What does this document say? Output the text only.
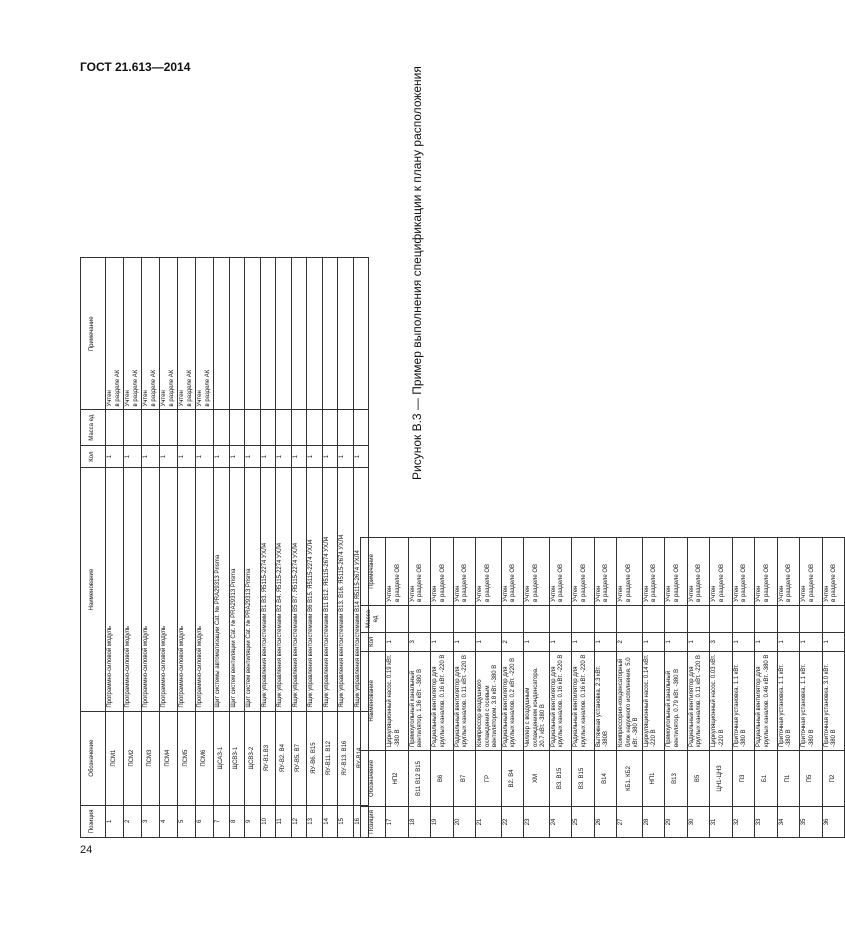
ГОСТ 21.613—2014
24
Рисунок В.3 — Пример выполнения спецификации к плану расположения
Позиция	Обозначение	Наименование	Кол	Масса ед	Примечание
1	ПСМ1	Программно-силовой модуль	1		Учтен в разделе АК

2	ПСМ2	Программно-силовой модуль	1		Учтен в разделе АК

3	ПСМ3	Программно-силовой модуль	1		Учтен в разделе АК

4	ПСМ4	Программно-силовой модуль	1		Учтен в разделе АК

5	ПСМ5	Программно-силовой модуль	1		Учтен в разделе АК

6	ПСМ6	Программно-силовой модуль	1		Учтен в разделе АК

7	ЩСАЗ-1	Щит системы автоматизации Cat. № PRA29313 Prisma	1		
8	ЩСВЗ-1	Щит систем вентиляции Cat. № PRA29313 Prisma	1		
9	ЩСВЗ-2	Щит систем вентиляции Cat. № PRA29313 Prisma	1		
10	ЯУ-В1.В3	Ящик управления вентсистемами В1 В3. Я5115-2274 УХЛ4	1		
11	ЯУ-В2. В4	Ящик управления вентсистемами В2 В4. Я5115-2274 УХЛ4	1		
12	ЯУ-В5. В7	Ящик управления вентсистемами В5 В7. Я5115-2274 УХЛ4	1		
13	ЯУ-В6. В15	Ящик управления вентсистемами В6 В15. Я5115-2274 УХЛ4	1		
14	ЯУ-В11. В12	Ящик управления вентсистемами В11 В12. Я5115-2674 УХЛ4	1		
15	ЯУ-В13. В16	Ящик управления вентсистемами В13. В16. Я5115-2674 УХЛ4	1		
16	ЯУ-В14	Ящик управления вентсистемами В14 Я5115-2674 УХЛ4	1		
Позиция	Обозначение	Наименование	Кол	Масса ед	Примечание
17	НП2	Циркуляционный насос. 0.19 кВт. -380 В	1		Учтен в разделе ОВ

18	В11 В12 В15	Прямоугольный канальный вентилятор. 1.36 кВт. -380 В	3		Учтен в разделе ОВ

19	В6	Радиальный вентилятор для круглых каналов. 0.16 кВт. -220 В	1		Учтен в разделе ОВ

20	В7	Радиальный вентилятор для круглых каналов. 0.11 кВт. -220 В	1		Учтен в разделе ОВ

21	ГР	Компрессор воздушного охлаждения с осевым вентилятором. 3.8 кВт. -380 В	1		Учтен в разделе ОВ

22	В2. В4	Радиальный вентилятор для круглых каналов. 0.2 кВт. -220 В	2		Учтен в разделе ОВ

23	ХМ	Чиллер с воздушным охлаждением конденсатора. 20.7 кВт. -380 В	1		Учтен в разделе ОВ

24	В3. В15	Радиальный вентилятор для круглых каналов. 0.16 кВт. -220 В	1		Учтен в разделе ОВ

25	В3. В15	Радиальный вентилятор для круглых каналов. 0.16 кВт. -220 В	1		Учтен в разделе ОВ

26	В14	Вытяжная установка. 2.3 кВт. -380В	1		Учтен в разделе ОВ

27	КБ1. КБ2	Компрессорно-конденсаторный блок наружного исполнения. 5.0 кВт. -380 В	2		Учтен в разделе ОВ

28	НП1	Циркуляционный насос. 0.14 кВт. -220 В	1		Учтен в разделе ОВ

29	В13	Прямоугольный канальный вентилятор. 0.79 кВт. -380 В	1		Учтен в разделе ОВ

30	В5	Радиальный вентилятор для круглых каналов. 0.11 кВт. -220 В	1		Учтен в разделе ОВ

31	ЦН1-ЦН3	Циркуляционный насос. 0.03 кВт. -220 В	3		Учтен в разделе ОВ

32	П3	Приточная установка. 1.1 кВт. -380 В	1		Учтен в разделе ОВ

33	Б1	Радиальный вентилятор для круглых каналов. 0.46 кВт. -380 В	1		Учтен в разделе ОВ

34	П1	Приточная установка. 1.1 кВт. -380 В	1		Учтен в разделе ОВ

35	П5	Приточная установка. 1.1 кВт. -380 В	1		Учтен в разделе ОВ

36	П2	Приточная установка. 3.0 кВт. -380 В	1		Учтен в разделе ОВ
